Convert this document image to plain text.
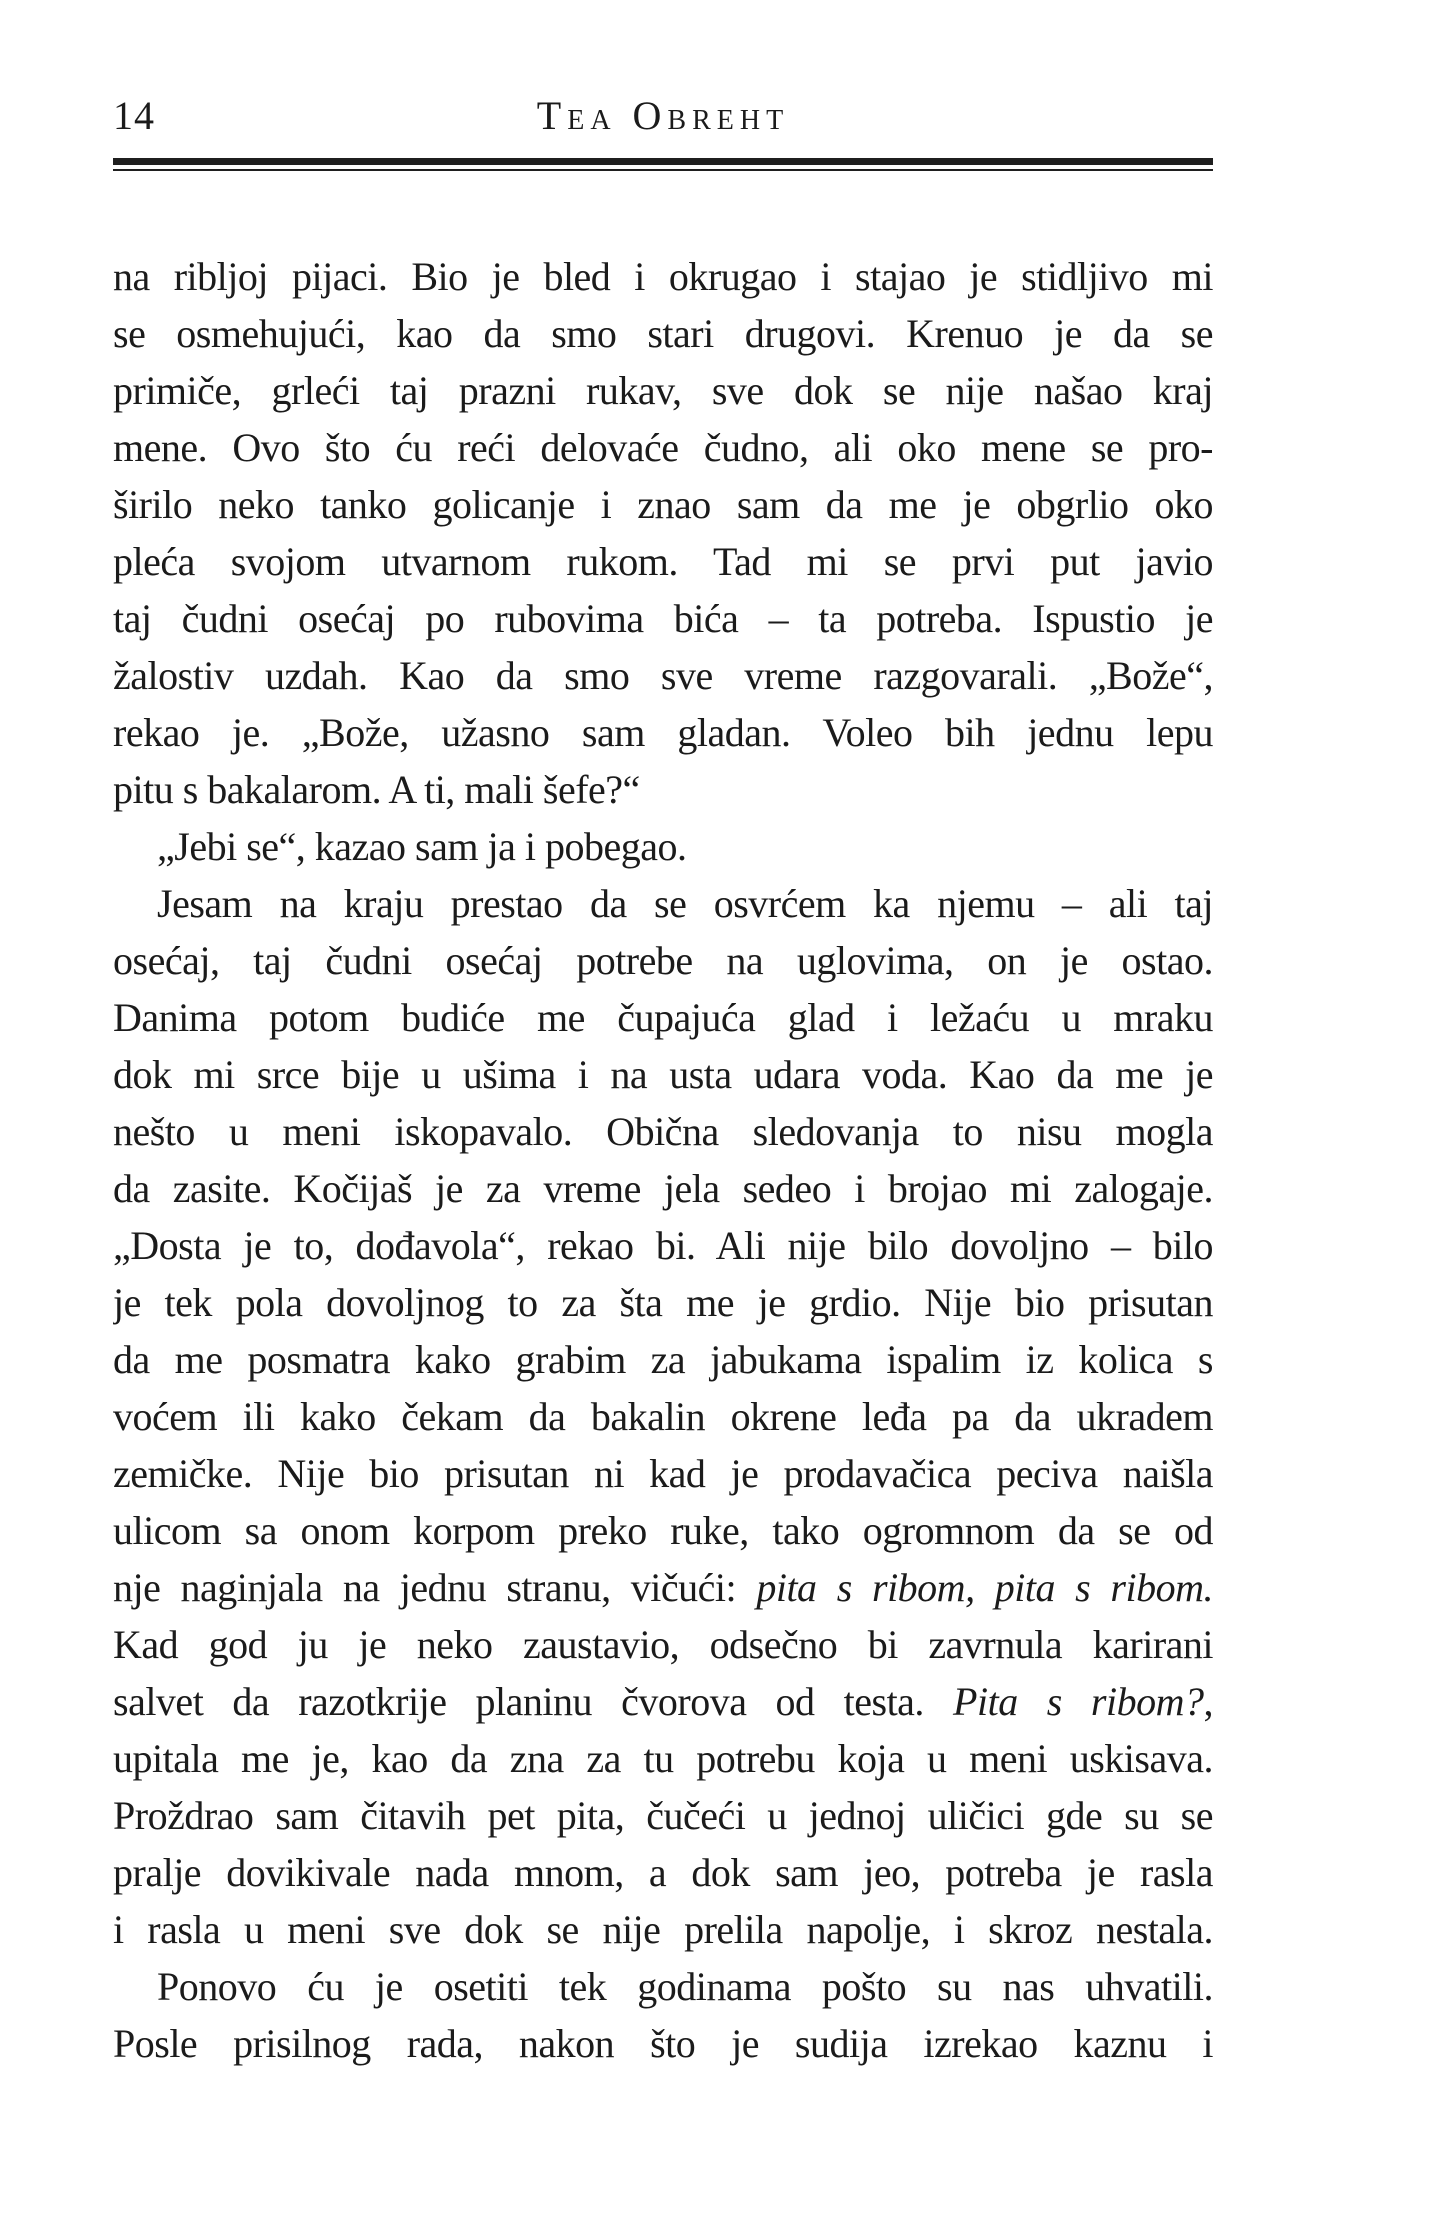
14	Tea Obreht
na ribljoj pijaci. Bio je bled i okrugao i stajao je stidljivo mi
se osmehujući, kao da smo stari drugovi. Krenuo je da se
primiče, grleći taj prazni rukav, sve dok se nije našao kraj
mene. Ovo što ću reći delovaće čudno, ali oko mene se pro-
širilo neko tanko golicanje i znao sam da me je obgrlio oko
pleća svojom utvarnom rukom. Tad mi se prvi put javio
taj čudni osećaj po rubovima bića – ta potreba. Ispustio je
žalostiv uzdah. Kao da smo sve vreme razgovarali. „Bože“,
rekao je. „Bože, užasno sam gladan. Voleo bih jednu lepu
pitu s bakalarom. A ti, mali šefe?“
„Jebi se“, kazao sam ja i pobegao.
Jesam na kraju prestao da se osvrćem ka njemu – ali taj
osećaj, taj čudni osećaj potrebe na uglovima, on je ostao.
Danima potom budiće me čupajuća glad i ležaću u mraku
dok mi srce bije u ušima i na usta udara voda. Kao da me je
nešto u meni iskopavalo. Obična sledovanja to nisu mogla
da zasite. Kočijaš je za vreme jela sedeo i brojao mi zalogaje.
„Dosta je to, dođavola“, rekao bi. Ali nije bilo dovoljno – bilo
je tek pola dovoljnog to za šta me je grdio. Nije bio prisutan
da me posmatra kako grabim za jabukama ispalim iz kolica s
voćem ili kako čekam da bakalin okrene leđa pa da ukradem
zemičke. Nije bio prisutan ni kad je prodavačica peciva naišla
ulicom sa onom korpom preko ruke, tako ogromnom da se od
nje naginjala na jednu stranu, vičući: pita s ribom, pita s ribom.
Kad god ju je neko zaustavio, odsečno bi zavrnula karirani
salvet da razotkrije planinu čvorova od testa. Pita s ribom?,
upitala me je, kao da zna za tu potrebu koja u meni uskisava.
Proždrao sam čitavih pet pita, čučeći u jednoj uličici gde su se
pralje dovikivale nada mnom, a dok sam jeo, potreba je rasla
i rasla u meni sve dok se nije prelila napolje, i skroz nestala.
Ponovo ću je osetiti tek godinama pošto su nas uhvatili.
Posle prisilnog rada, nakon što je sudija izrekao kaznu i
